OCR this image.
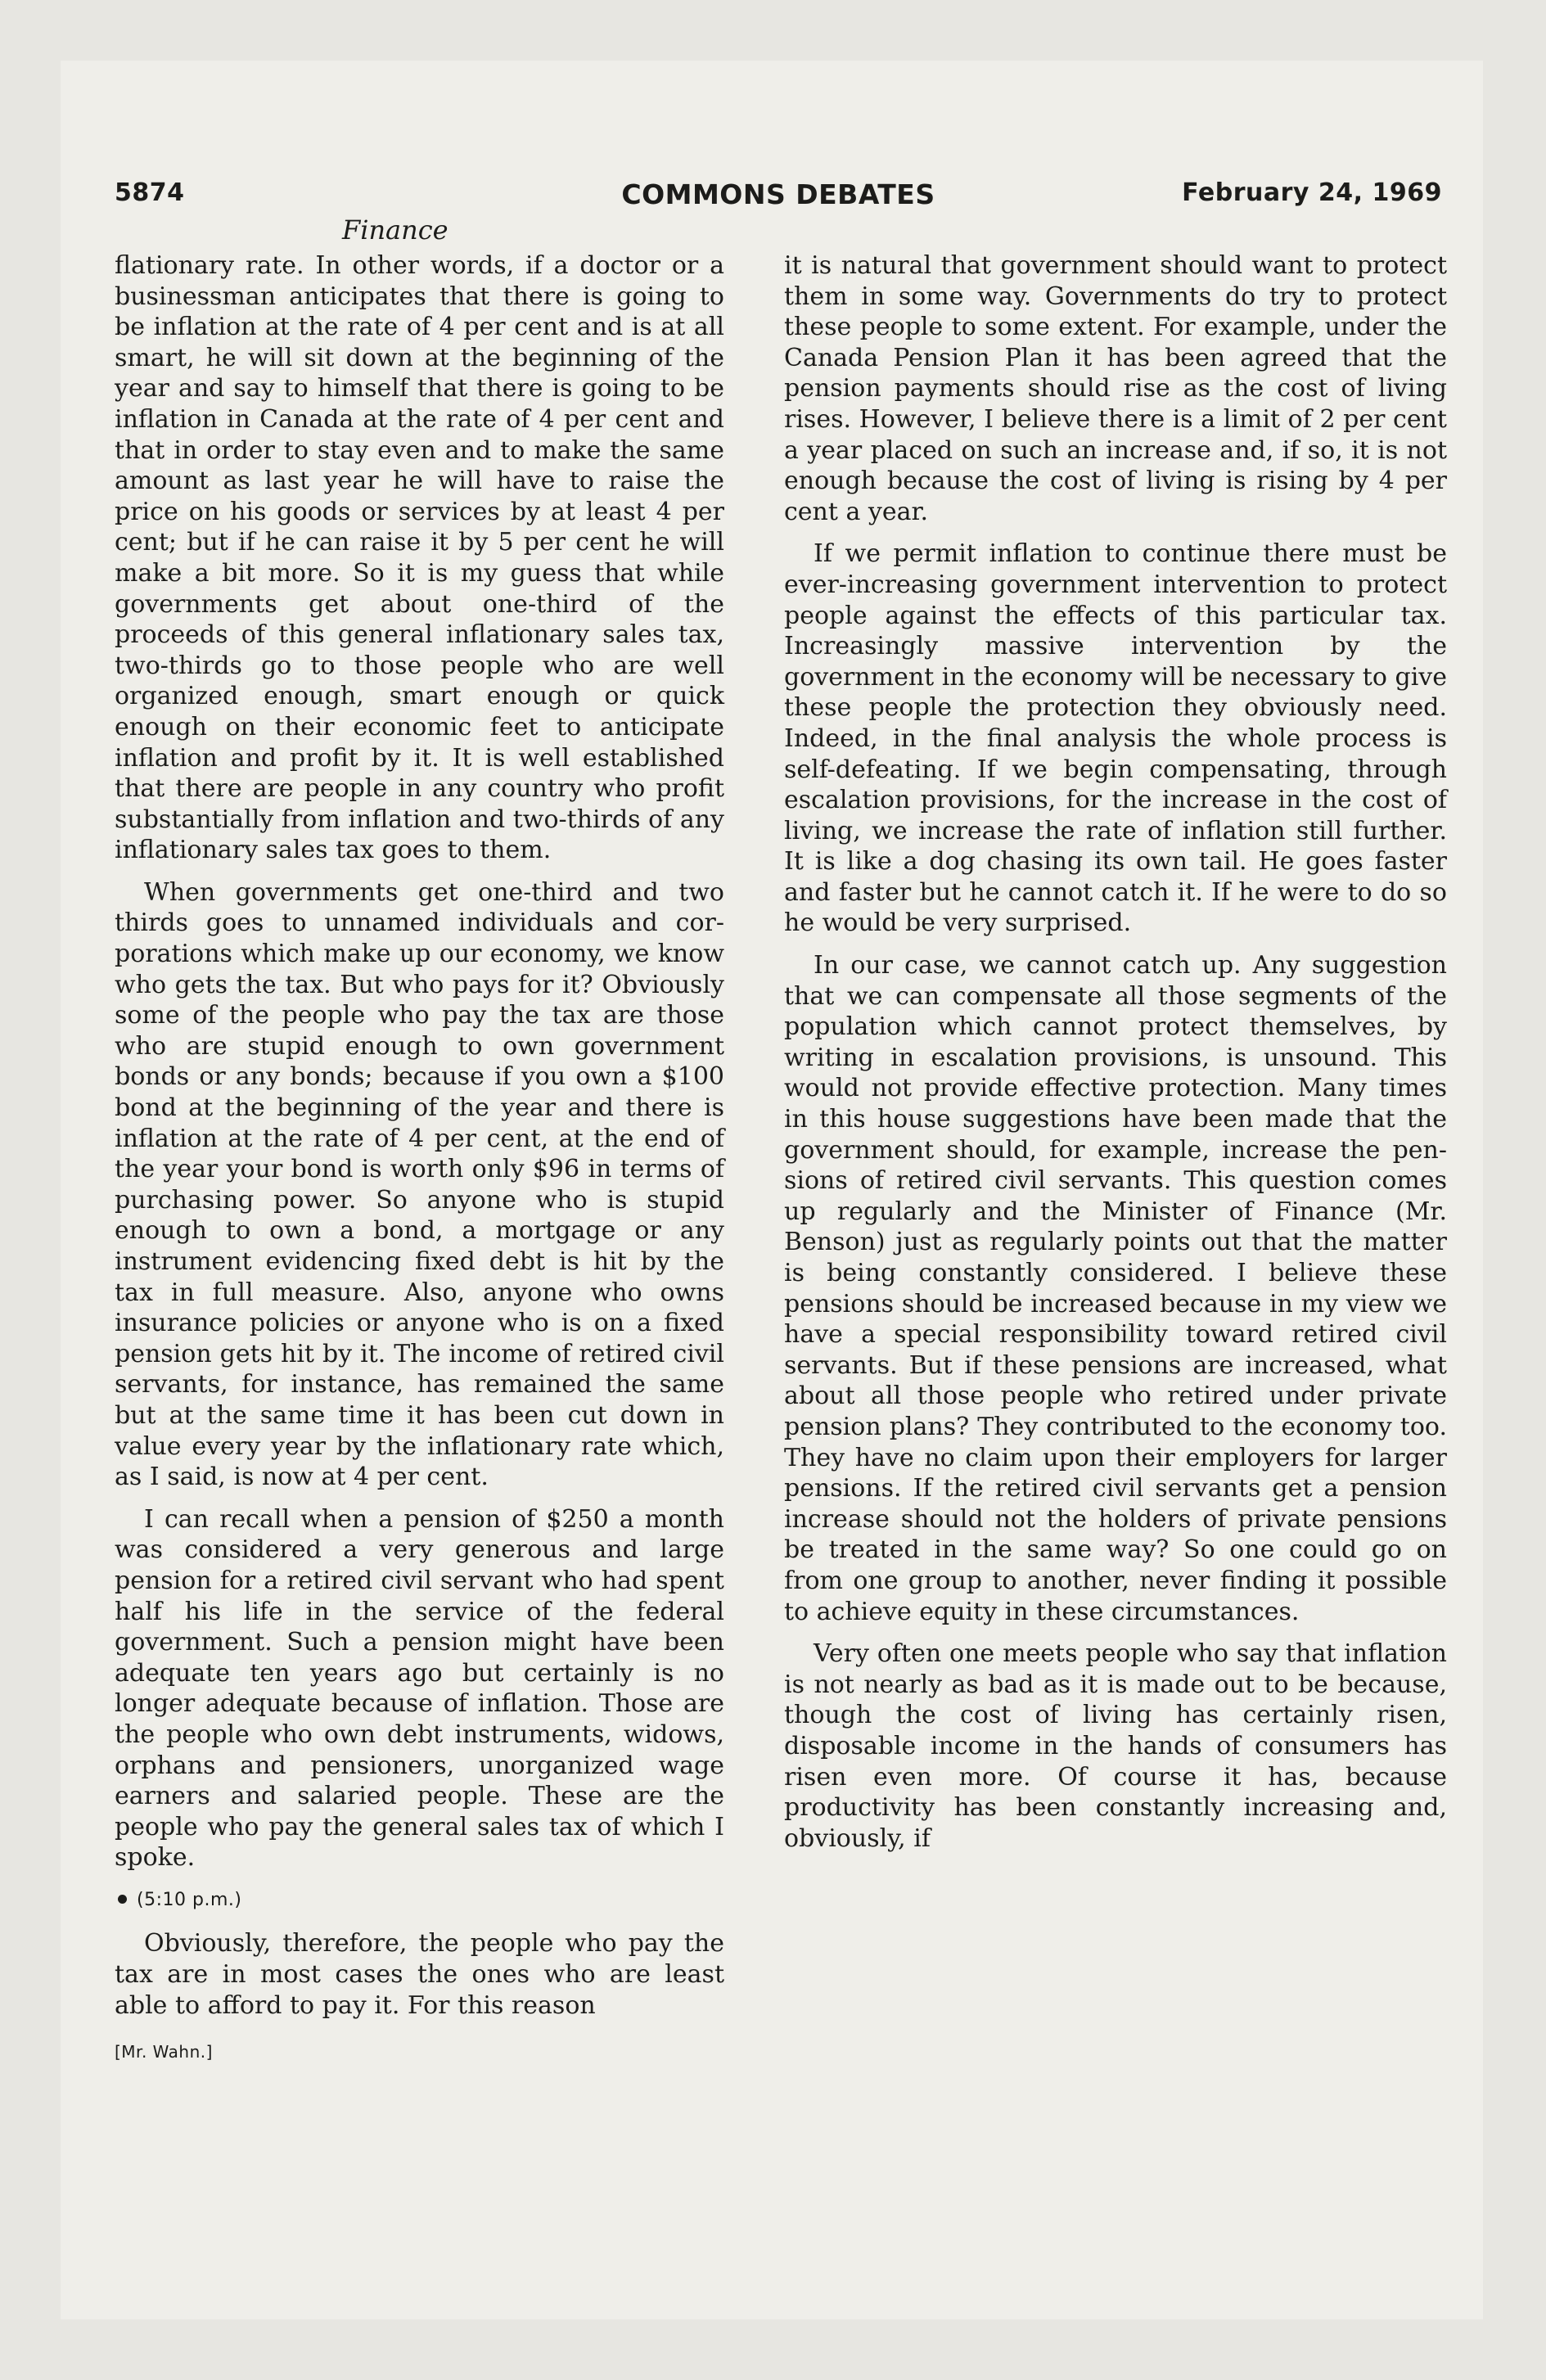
5874	COMMONS DEBATES	February 24, 1969
Finance

flationary rate. In other words, if a doctor or a businessman anticipates that there is going to be inflation at the rate of 4 per cent and is at all smart, he will sit down at the beginning of the year and say to himself that there is going to be inflation in Canada at the rate of 4 per cent and that in order to stay even and to make the same amount as last year he will have to raise the price on his goods or services by at least 4 per cent; but if he can raise it by 5 per cent he will make a bit more. So it is my guess that while governments get about one-third of the proceeds of this general inflationary sales tax, two-thirds go to those people who are well organized enough, smart enough or quick enough on their economic feet to anticipate inflation and profit by it. It is well established that there are people in any country who profit substantially from inflation and two-thirds of any inflationary sales tax goes to them.

When governments get one-third and two thirds goes to unnamed individuals and corporations which make up our economy, we know who gets the tax. But who pays for it? Obviously some of the people who pay the tax are those who are stupid enough to own government bonds or any bonds; because if you own a $100 bond at the beginning of the year and there is inflation at the rate of 4 per cent, at the end of the year your bond is worth only $96 in terms of purchasing power. So anyone who is stupid enough to own a bond, a mortgage or any instrument evidencing fixed debt is hit by the tax in full measure. Also, anyone who owns insurance policies or anyone who is on a fixed pension gets hit by it. The income of retired civil servants, for instance, has remained the same but at the same time it has been cut down in value every year by the inflationary rate which, as I said, is now at 4 per cent.

I can recall when a pension of $250 a month was considered a very generous and large pension for a retired civil servant who had spent half his life in the service of the federal government. Such a pension might have been adequate ten years ago but certainly is no longer adequate because of inflation. Those are the people who own debt instruments, widows, orphans and pensioners, unorganized wage earners and salaried people. These are the people who pay the general sales tax of which I spoke.

(5:10 p.m.)

Obviously, therefore, the people who pay the tax are in most cases the ones who are least able to afford to pay it. For this reason

[Mr. Wahn.]

it is natural that government should want to protect them in some way. Governments do try to protect these people to some extent. For example, under the Canada Pension Plan it has been agreed that the pension payments should rise as the cost of living rises. However, I believe there is a limit of 2 per cent a year placed on such an increase and, if so, it is not enough because the cost of living is rising by 4 per cent a year.

If we permit inflation to continue there must be ever-increasing government intervention to protect people against the effects of this particular tax. Increasingly massive intervention by the government in the economy will be necessary to give these people the protection they obviously need. Indeed, in the final analysis the whole process is self-defeating. If we begin compensating, through escalation provisions, for the increase in the cost of living, we increase the rate of inflation still further. It is like a dog chasing its own tail. He goes faster and faster but he cannot catch it. If he were to do so he would be very surprised.

In our case, we cannot catch up. Any suggestion that we can compensate all those segments of the population which cannot protect themselves, by writing in escalation provisions, is unsound. This would not provide effective protection. Many times in this house suggestions have been made that the government should, for example, increase the pensions of retired civil servants. This question comes up regularly and the Minister of Finance (Mr. Benson) just as regularly points out that the matter is being constantly considered. I believe these pensions should be increased because in my view we have a special responsibility toward retired civil servants. But if these pensions are increased, what about all those people who retired under private pension plans? They contributed to the economy too. They have no claim upon their employers for larger pensions. If the retired civil servants get a pension increase should not the holders of private pensions be treated in the same way? So one could go on from one group to another, never finding it possible to achieve equity in these circumstances.

Very often one meets people who say that inflation is not nearly as bad as it is made out to be because, though the cost of living has certainly risen, disposable income in the hands of consumers has risen even more. Of course it has, because productivity has been constantly increasing and, obviously, if
